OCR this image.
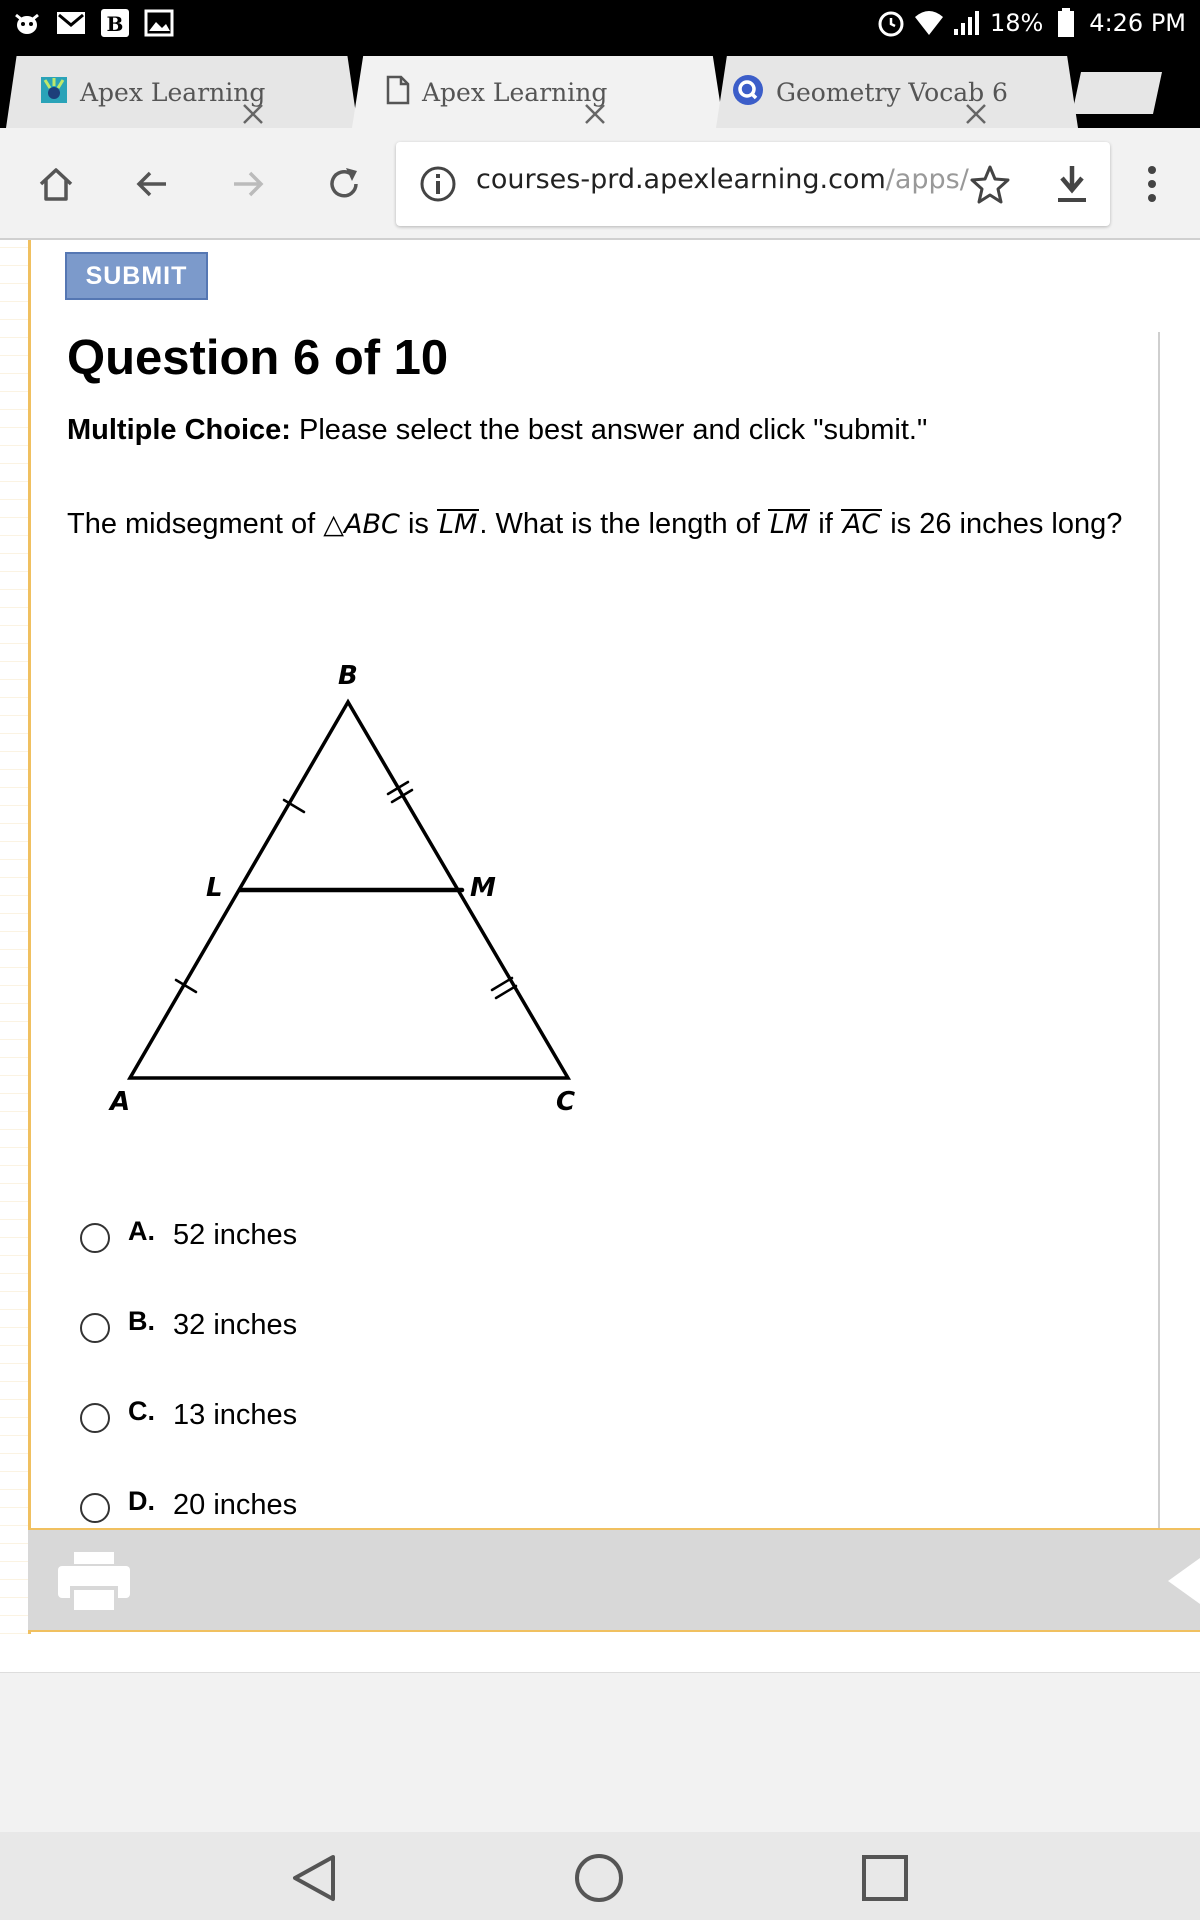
B	18% 4:26 PM
Apex Learning	Apex Learning	Geometry Vocab 6
courses-prd.apexlearning.com/apps/
SUBMIT
Question 6 of 10
Multiple Choice: Please select the best answer and click "submit."
The midsegment of △ABC is LM. What is the length of LM if AC is 26 inches long?
B
L	M
A	C
A. 52 inches
B. 32 inches
C. 13 inches
D. 20 inches
